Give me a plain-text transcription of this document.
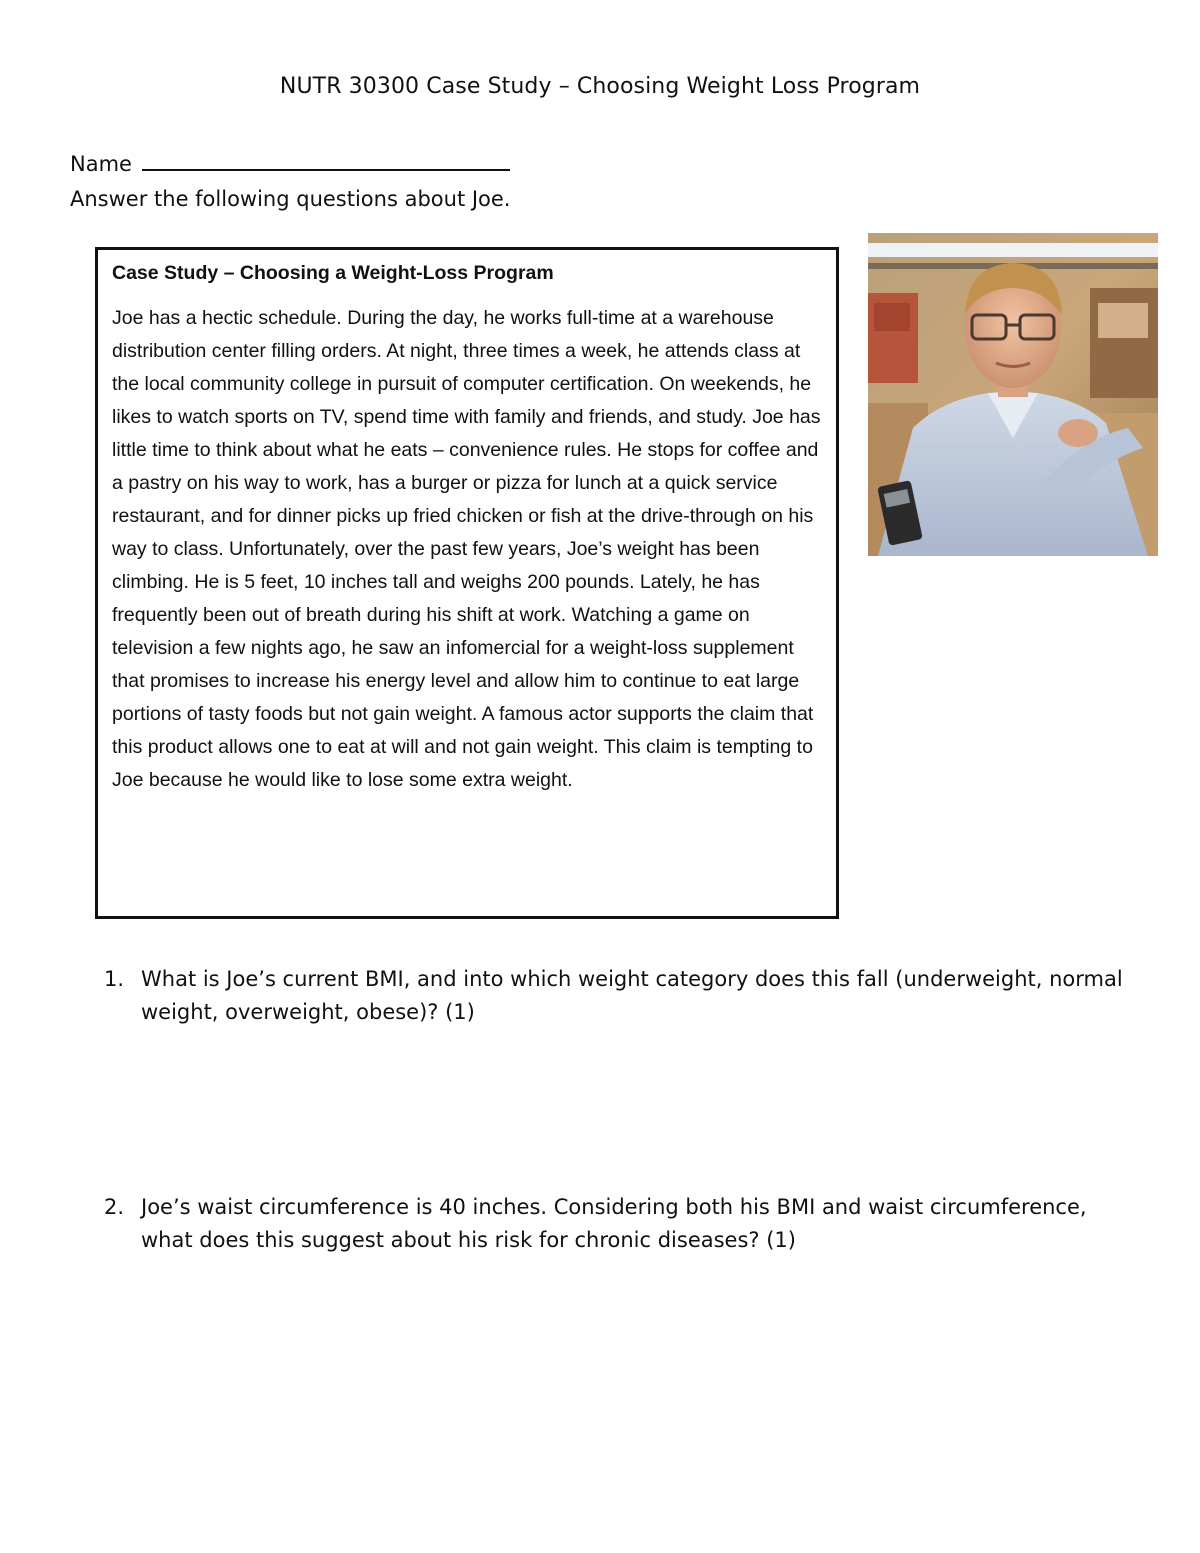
NUTR 30300 Case Study – Choosing Weight Loss Program
Name
Answer the following questions about Joe.
Case Study – Choosing a Weight-Loss Program

Joe has a hectic schedule. During the day, he works full-time at a warehouse distribution center filling orders. At night, three times a week, he attends class at the local community college in pursuit of computer certification. On weekends, he likes to watch sports on TV, spend time with family and friends, and study. Joe has little time to think about what he eats – convenience rules. He stops for coffee and a pastry on his way to work, has a burger or pizza for lunch at a quick service restaurant, and for dinner picks up fried chicken or fish at the drive-through on his way to class. Unfortunately, over the past few years, Joe’s weight has been climbing. He is 5 feet, 10 inches tall and weighs 200 pounds. Lately, he has frequently been out of breath during his shift at work. Watching a game on television a few nights ago, he saw an infomercial for a weight-loss supplement that promises to increase his energy level and allow him to continue to eat large portions of tasty foods but not gain weight. A famous actor supports the claim that this product allows one to eat at will and not gain weight. This claim is tempting to Joe because he would like to lose some extra weight.

1. What is Joe’s current BMI, and into which weight category does this fall (underweight, normal weight, overweight, obese)? (1)
2. Joe’s waist circumference is 40 inches. Considering both his BMI and waist circumference, what does this suggest about his risk for chronic diseases? (1)
